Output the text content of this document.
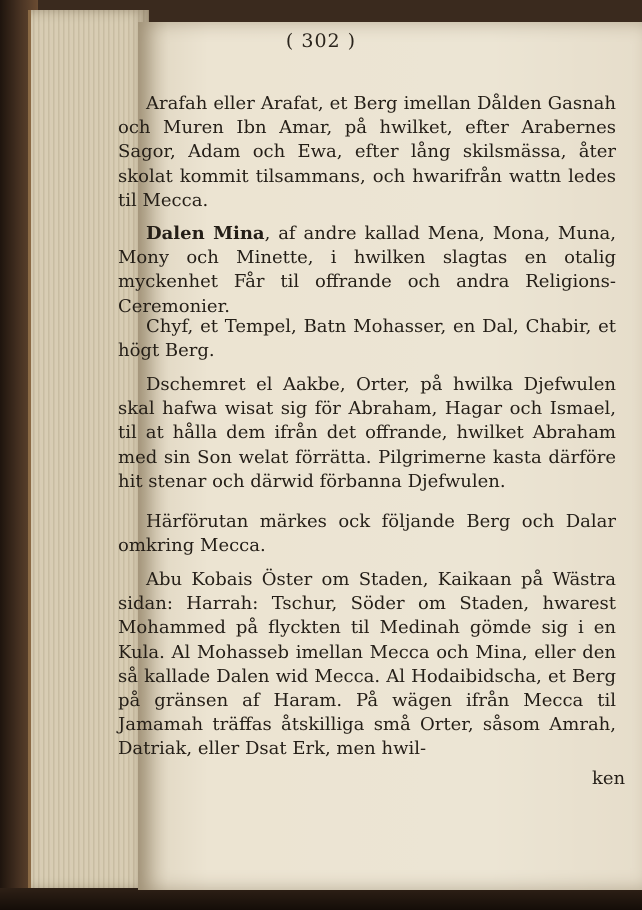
( 302 )

Arafah eller Arafat, et Berg imellan Dålden Gasnah och Muren Ibn Amar, på hwilket, efter Arabernes Sagor, Adam och Ewa, efter lång skilsmässa, åter skolat kommit tilsammans, och hwarifrån wattn ledes til Mecca.

Dalen Mina, af andre kallad Mena, Mona, Muna, Mony och Minette, i hwilken slagtas en otalig myckenhet Får til offrande och andra Religions-Ceremonier.

Chyf, et Tempel, Batn Mohasser, en Dal, Chabir, et högt Berg.

Dschemret el Aakbe, Orter, på hwilka Djefwulen skal hafwa wisat sig för Abraham, Hagar och Ismael, til at hålla dem ifrån det offrande, hwilket Abraham med sin Son welat förrätta. Pilgrimerne kasta därföre hit stenar och därwid förbanna Djefwulen.

Härförutan märkes ock följande Berg och Dalar omkring Mecca.

Abu Kobais Öster om Staden, Kaikaan på Wästra sidan: Harrah: Tschur, Söder om Staden, hwarest Mohammed på flyckten til Medinah gömde sig i en Kula. Al Mohasseb imellan Mecca och Mina, eller den så kallade Dalen wid Mecca. Al Hodaibidscha, et Berg på gränsen af Haram. På wägen ifrån Mecca til Jamamah träffas åtskilliga små Orter, såsom Amrah, Datriak, eller Dsat Erk, men hwil-

ken
